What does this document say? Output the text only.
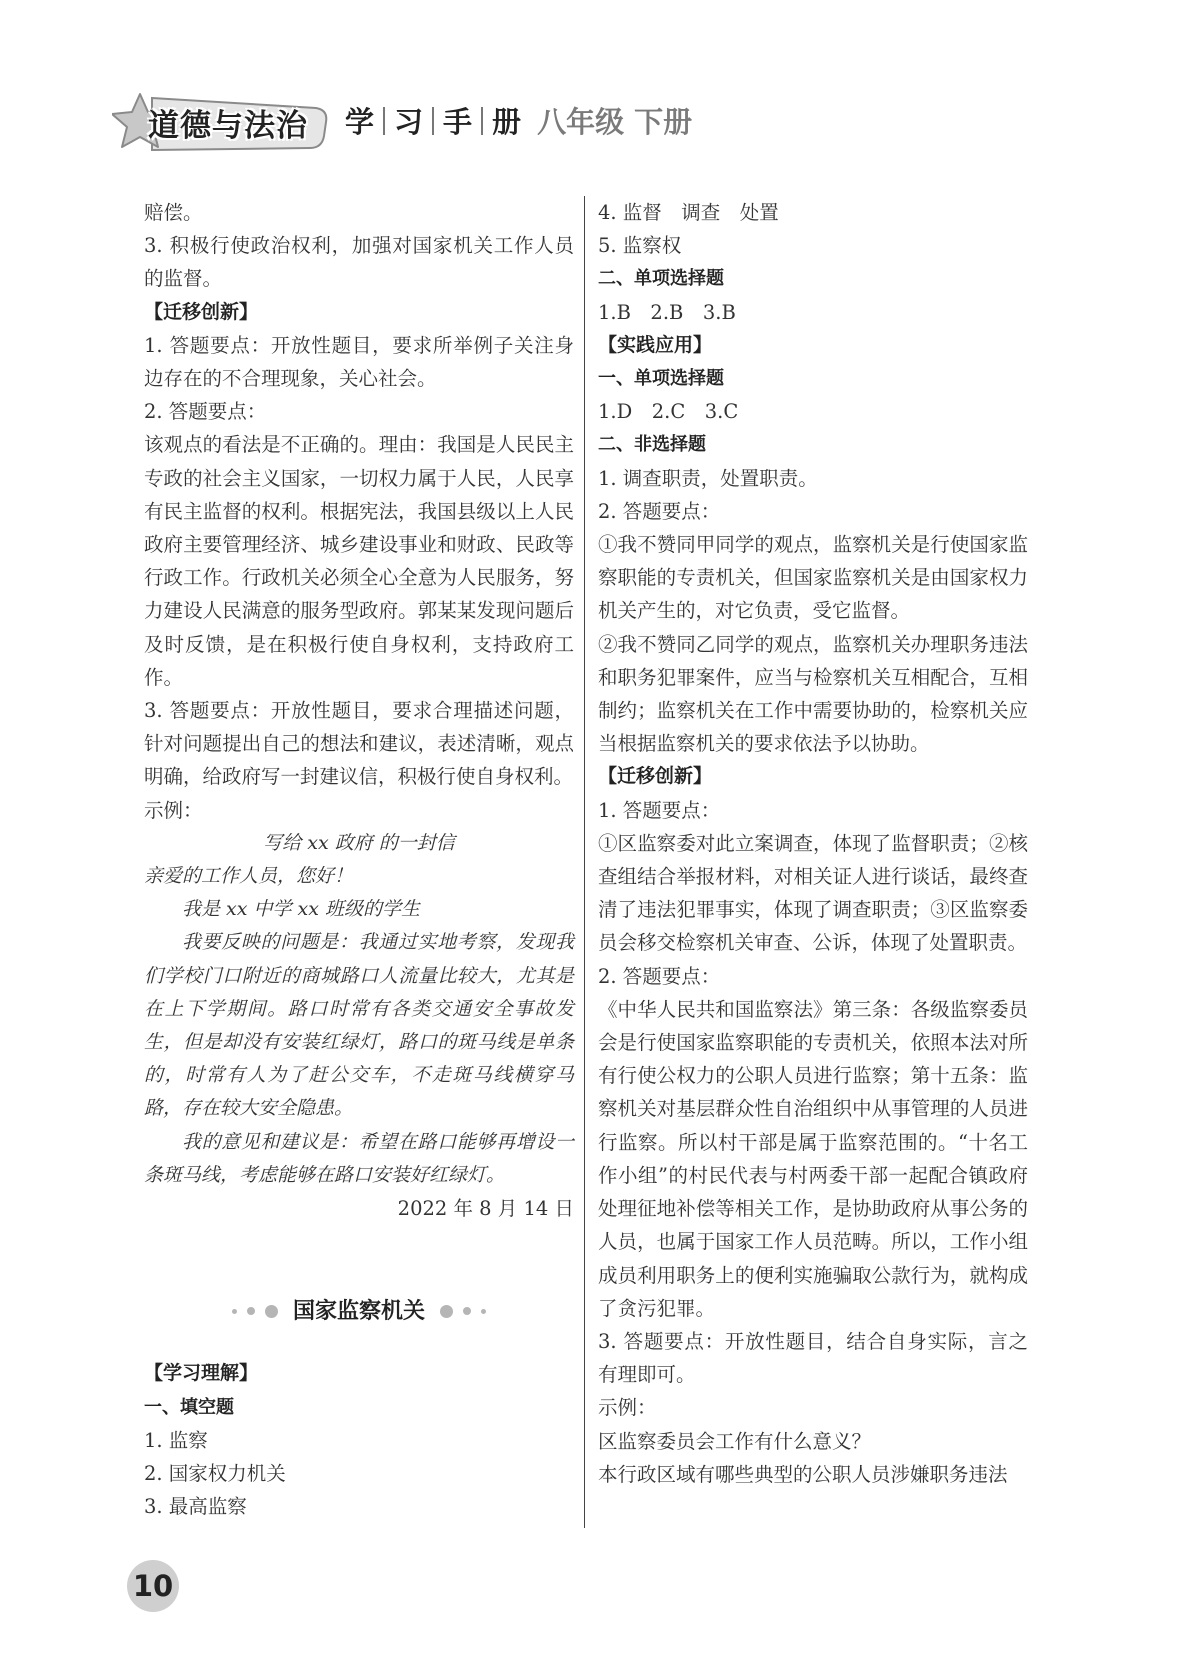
道德与法治 学 习 手 册 八年级 下册

赔偿。

3. 积极行使政治权利，加强对国家机关工作人员的监督。

【迁移创新】

1. 答题要点：开放性题目，要求所举例子关注身边存在的不合理现象，关心社会。

2. 答题要点：

该观点的看法是不正确的。理由：我国是人民民主专政的社会主义国家，一切权力属于人民，人民享有民主监督的权利。根据宪法，我国县级以上人民政府主要管理经济、城乡建设事业和财政、民政等行政工作。行政机关必须全心全意为人民服务，努力建设人民满意的服务型政府。郭某某发现问题后及时反馈，是在积极行使自身权利，支持政府工作。

3. 答题要点：开放性题目，要求合理描述问题，针对问题提出自己的想法和建议，表述清晰，观点明确，给政府写一封建议信，积极行使自身权利。

示例：

写给 xx 政府 的一封信

亲爱的工作人员，您好！

我是 xx 中学 xx 班级的学生

我要反映的问题是：我通过实地考察，发现我们学校门口附近的商城路口人流量比较大，尤其是在上下学期间。路口时常有各类交通安全事故发生，但是却没有安装红绿灯，路口的斑马线是单条的，时常有人为了赶公交车，不走斑马线横穿马路，存在较大安全隐患。

我的意见和建议是：希望在路口能够再增设一条斑马线，考虑能够在路口安装好红绿灯。

2022 年 8 月 14 日

国家监察机关

【学习理解】

一、填空题

1. 监察

2. 国家权力机关

3. 最高监察

4. 监督　调查　处置

5. 监察权

二、单项选择题

1.B　2.B　3.B

【实践应用】

一、单项选择题

1.D　2.C　3.C

二、非选择题

1. 调查职责，处置职责。

2. 答题要点：

①我不赞同甲同学的观点，监察机关是行使国家监察职能的专责机关，但国家监察机关是由国家权力机关产生的，对它负责，受它监督。

②我不赞同乙同学的观点，监察机关办理职务违法和职务犯罪案件，应当与检察机关互相配合，互相制约；监察机关在工作中需要协助的，检察机关应当根据监察机关的要求依法予以协助。

【迁移创新】

1. 答题要点：

①区监察委对此立案调查，体现了监督职责；②核查组结合举报材料，对相关证人进行谈话，最终查清了违法犯罪事实，体现了调查职责；③区监察委员会移交检察机关审查、公诉，体现了处置职责。

2. 答题要点：

《中华人民共和国监察法》第三条：各级监察委员会是行使国家监察职能的专责机关，依照本法对所有行使公权力的公职人员进行监察；第十五条：监察机关对基层群众性自治组织中从事管理的人员进行监察。所以村干部是属于监察范围的。“十名工作小组”的村民代表与村两委干部一起配合镇政府处理征地补偿等相关工作，是协助政府从事公务的人员，也属于国家工作人员范畴。所以，工作小组成员利用职务上的便利实施骗取公款行为，就构成了贪污犯罪。

3. 答题要点：开放性题目，结合自身实际，言之有理即可。

示例：

区监察委员会工作有什么意义？

本行政区域有哪些典型的公职人员涉嫌职务违法

10
